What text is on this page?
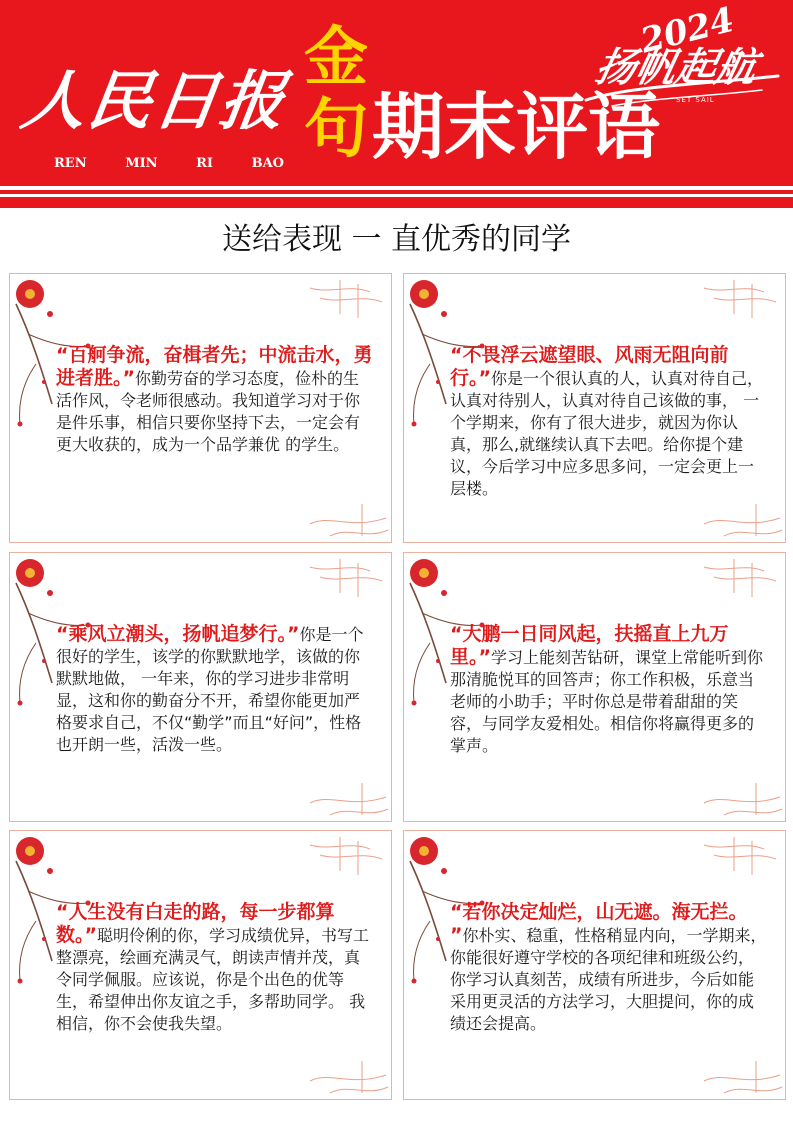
人民日报
REN	MIN	RI	BAO
金
句 期末评语
2024
扬帆起航
SET SAIL
送给表现 一 直优秀的同学
“百舸争流，奋楫者先；中流击水，勇进者胜。”你勤劳奋的学习态度，俭朴的生活作风，令老师很感动。我知道学习对于你是件乐事，相信只要你坚持下去，一定会有更大收获的，成为一个品学兼优 的学生。
“不畏浮云遮望眼、风雨无阻向前行。”你是一个很认真的人，认真对待自己，认真对待别人，认真对待自己该做的事， 一个学期来，你有了很大进步，就因为你认真，那么,就继续认真下去吧。给你提个建议，今后学习中应多思多问，一定会更上一层楼。
“乘风立潮头，扬帆追梦行。”你是一个很好的学生，该学的你默默地学，该做的你默默地做， 一年来，你的学习进步非常明显，这和你的勤奋分不开，希望你能更加严格要求自己，不仅“勤学”而且“好问”，性格也开朗一些，活泼一些。
“大鹏一日同风起，扶摇直上九万里。”学习上能刻苦钻研，课堂上常能听到你那清脆悦耳的回答声；你工作积极，乐意当老师的小助手；平时你总是带着甜甜的笑容，与同学友爱相处。相信你将赢得更多的掌声。
“人生没有白走的路，每一步都算数。”聪明伶俐的你，学习成绩优异，书写工整漂亮，绘画充满灵气，朗读声情并茂，真令同学佩服。应该说，你是个出色的优等生，希望伸出你友谊之手，多帮助同学。 我相信，你不会使我失望。
“若你决定灿烂，山无遮。海无拦。 ”你朴实、稳重，性格稍显内向，一学期来，你能很好遵守学校的各项纪律和班级公约，你学习认真刻苦，成绩有所进步，今后如能采用更灵活的方法学习，大胆提问，你的成绩还会提高。
